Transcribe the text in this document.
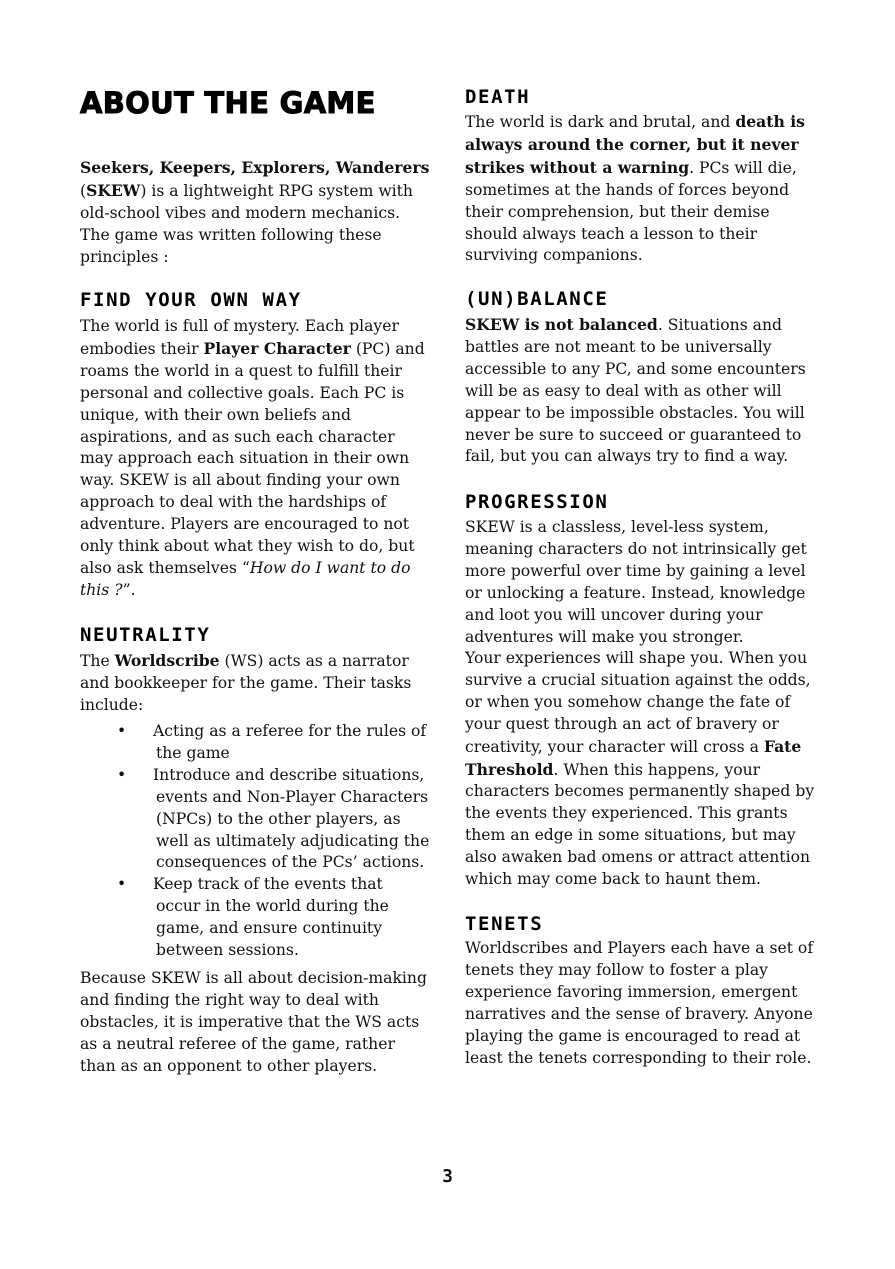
ABOUT THE GAME

Seekers, Keepers, Explorers, Wanderers (SKEW) is a lightweight RPG system with old-school vibes and modern mechanics. The game was written following these principles :

FIND YOUR OWN WAY

The world is full of mystery. Each player embodies their Player Character (PC) and roams the world in a quest to fulfill their personal and collective goals. Each PC is unique, with their own beliefs and aspirations, and as such each character may approach each situation in their own way. SKEW is all about finding your own approach to deal with the hardships of adventure. Players are encouraged to not only think about what they wish to do, but also ask themselves “How do I want to do this ?”.

NEUTRALITY

The Worldscribe (WS) acts as a narrator and bookkeeper for the game. Their tasks include:

• Acting as a referee for the rules of the game
• Introduce and describe situations, events and Non-Player Characters (NPCs) to the other players, as well as ultimately adjudicating the consequences of the PCs’ actions.
• Keep track of the events that occur in the world during the game, and ensure continuity between sessions.

Because SKEW is all about decision-making and finding the right way to deal with obstacles, it is imperative that the WS acts as a neutral referee of the game, rather than as an opponent to other players.

DEATH

The world is dark and brutal, and death is always around the corner, but it never strikes without a warning. PCs will die, sometimes at the hands of forces beyond their comprehension, but their demise should always teach a lesson to their surviving companions.

(UN)BALANCE

SKEW is not balanced. Situations and battles are not meant to be universally accessible to any PC, and some encounters will be as easy to deal with as other will appear to be impossible obstacles. You will never be sure to succeed or guaranteed to fail, but you can always try to find a way.

PROGRESSION

SKEW is a classless, level-less system, meaning characters do not intrinsically get more powerful over time by gaining a level or unlocking a feature. Instead, knowledge and loot you will uncover during your adventures will make you stronger.

Your experiences will shape you. When you survive a crucial situation against the odds, or when you somehow change the fate of your quest through an act of bravery or creativity, your character will cross a Fate Threshold. When this happens, your characters becomes permanently shaped by the events they experienced. This grants them an edge in some situations, but may also awaken bad omens or attract attention which may come back to haunt them.

TENETS

Worldscribes and Players each have a set of tenets they may follow to foster a play experience favoring immersion, emergent narratives and the sense of bravery. Anyone playing the game is encouraged to read at least the tenets corresponding to their role.

3
